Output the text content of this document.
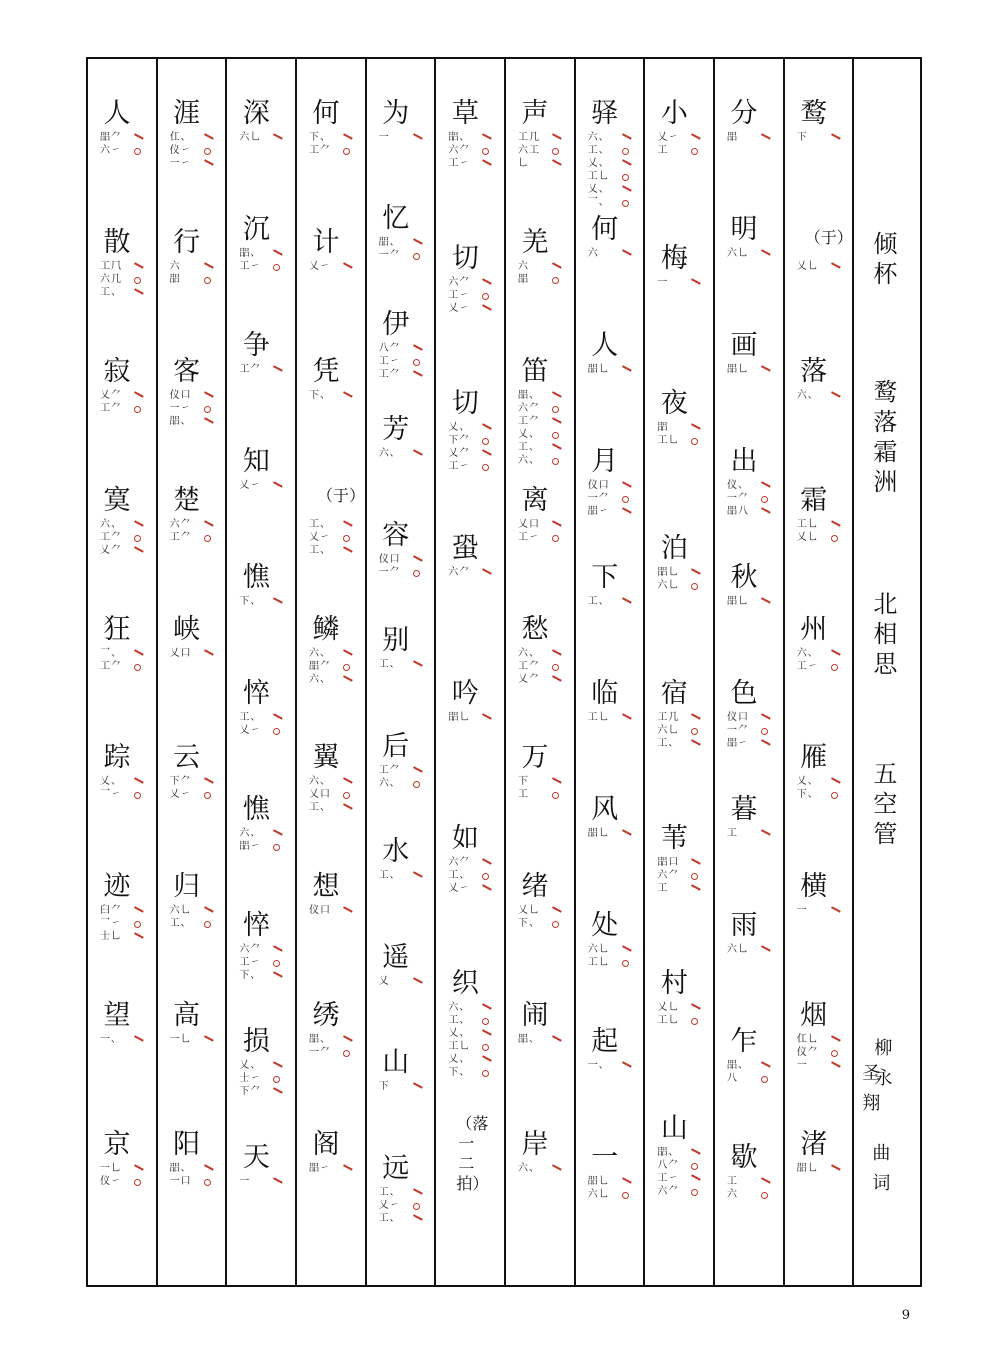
人
㗊⺈
六㇀
散
工⺇
六几
工、
寂
乂⺈
工⺈
寞
六、
工⺈
乂⺈
狂
乛、
工⺈
踪
乂、
乛㇀
迹
⺽⺈
乛㇀
士乚
望
一、
京
一乚
仪㇀
涯
仜、
仪㇀
一㇀
行
六
㗊
客
仪口
一㇀
㗊、
楚
六⺈
工⺈
峡
乂口
云
下⺈
乂㇀
归
六乚
工、
高
一乚
阳
㗊、
一口
深
六乚
沉
㗊、
工㇀
争
工⺈
知
乂㇀
憔
下、
悴
工、
乂㇀
憔
六、
㗊㇀
悴
六⺈
工㇀
下、
损
乂、
士㇀
下⺈
天
一
何
下、
工⺈
计
乂㇀
凭
下、
（于）
工、
乂㇀
工、
鳞
六、
㗊⺈
六、
翼
六、
乂口
工、
想
仪口
绣
㗊、
一⺈
阁
㗊㇀
为
一
忆
㗊、
一⺈
伊
八⺈
工㇀
工⺈
芳
六、
容
仪口
一⺈
别
工、
后
工⺈
六、
水
工、
遥
乂
山
下
远
工、
乂㇀
工、
草
㗊、
六⺈
工㇀
切
六⺈
工㇀
乂㇀
切
乂、
下⺈
乂⺈
工㇀
蛩
六⺈
吟
㗊乚
如
六⺈
工、
乂㇀
织
六、
工、
乂、
工乚
乂、
下、
（落一二拍）
声
工几
六工
乚
羌
六
㗊
笛
㗊、
六⺈
工⺈
乂、
工、
六、
离
乂口
工㇀
愁
六、
工⺈
乂⺈
万
下
工
绪
乂乚
下、
闹
㗊、
岸
六、
驿
六、
工、
乂、
工乚
乂、
乛、
何
六
人
㗊乚
月
仪口
一⺈
㗊㇀
下
工、
临
工乚
风
㗊乚
处
六乚
工乚
起
一、
一
㗊乚
六乚
小
乂㇀
工
梅
一
夜
㗊
工乚
泊
㗊乚
六乚
宿
工几
六乚
工、
苇
㗊口
六⺈
工
村
乂乚
工乚
山
㗊、
八⺈
工㇀
六⺈
分
㗊
明
六乚
画
㗊乚
出
仪、
一⺈
㗊八
秋
㗊乚
色
仪口
一⺈
㗊㇀
暮
工
雨
六乚
乍
㗊、
八
歇
工
六
鹜
下
（于）
乂乚
落
六、
霜
工乚
乂乚
州
六、
工㇀
雁
乂、
下、
横
一
烟
仜乚
仪⺈
一
渚
㗊乚
倾
杯
鹜
落
霜
洲
北
相
思
五
空
管
柳
永
圣
翔
曲
词
9
